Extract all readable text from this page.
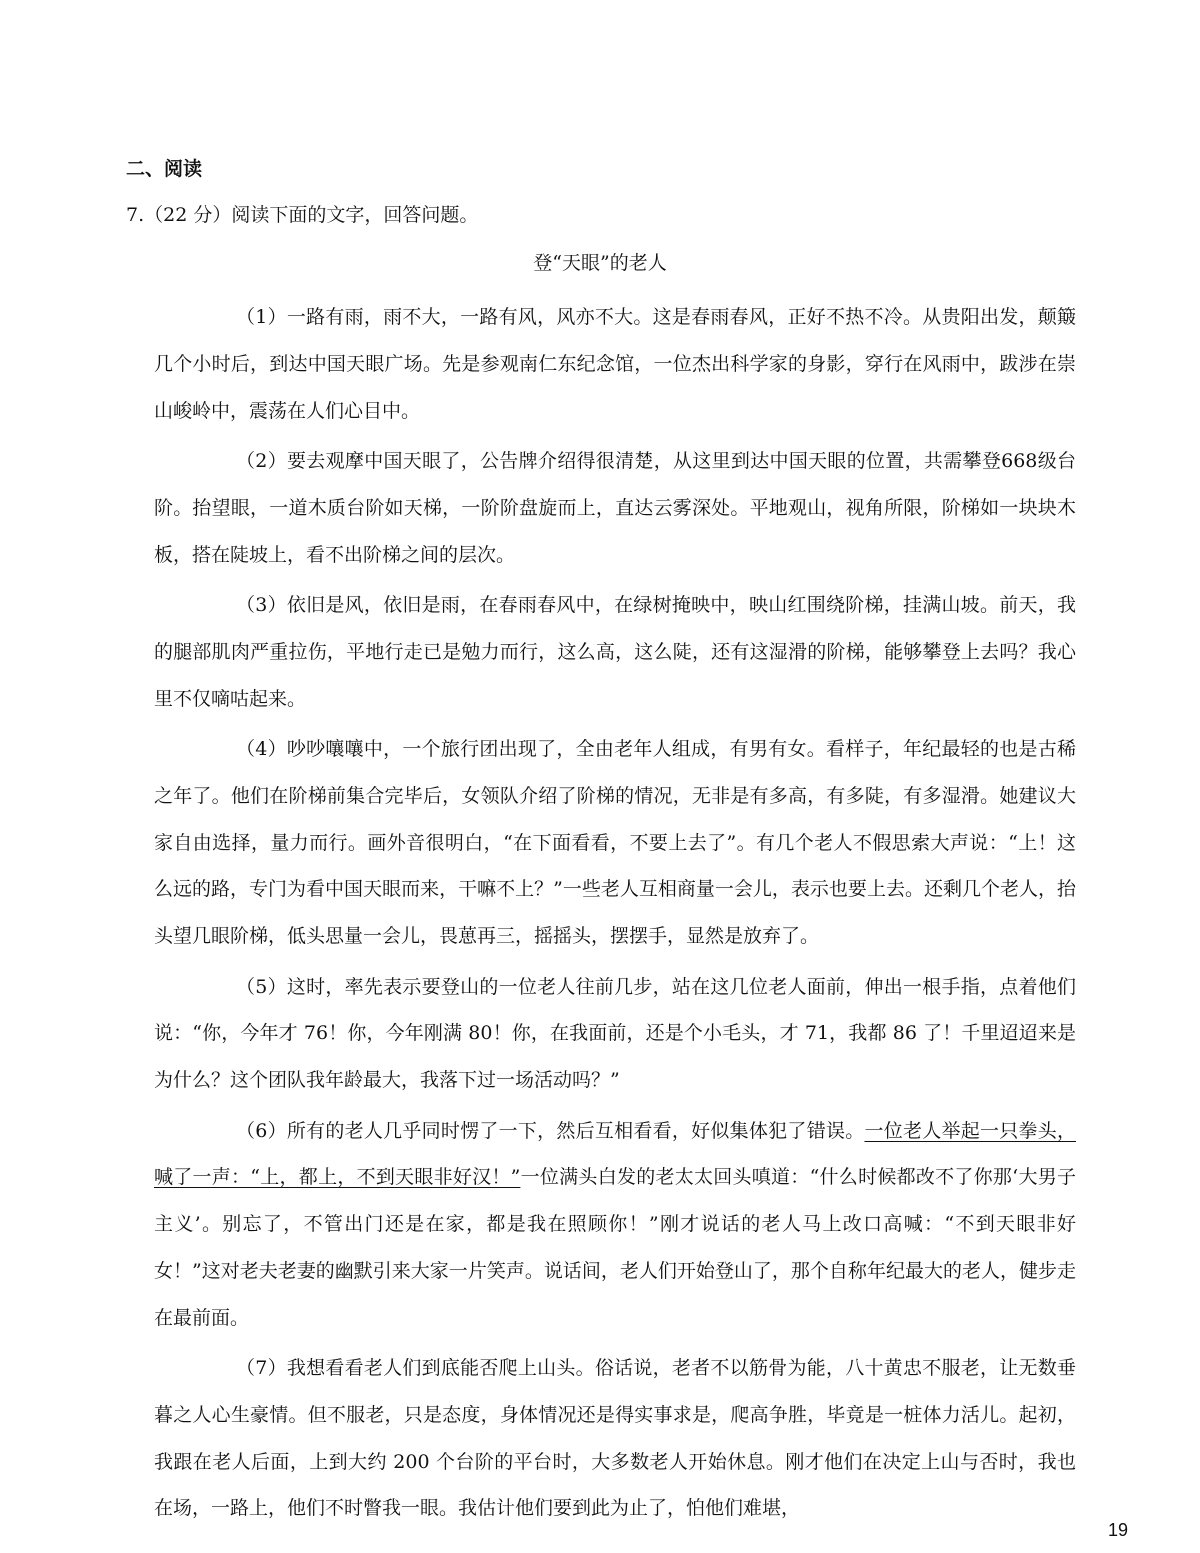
二、阅读
7.（22 分）阅读下面的文字，回答问题。
登“天眼”的老人

（1）一路有雨，雨不大，一路有风，风亦不大。这是春雨春风，正好不热不冷。从贵阳出发，颠簸几个小时后，到达中国天眼广场。先是参观南仁东纪念馆，一位杰出科学家的身影，穿行在风雨中，跋涉在崇山峻岭中，震荡在人们心目中。

（2）要去观摩中国天眼了，公告牌介绍得很清楚，从这里到达中国天眼的位置，共需攀登668级台阶。抬望眼，一道木质台阶如天梯，一阶阶盘旋而上，直达云雾深处。平地观山，视角所限，阶梯如一块块木板，搭在陡坡上，看不出阶梯之间的层次。

（3）依旧是风，依旧是雨，在春雨春风中，在绿树掩映中，映山红围绕阶梯，挂满山坡。前天，我的腿部肌肉严重拉伤，平地行走已是勉力而行，这么高，这么陡，还有这湿滑的阶梯，能够攀登上去吗？我心里不仅嘀咕起来。

（4）吵吵嚷嚷中，一个旅行团出现了，全由老年人组成，有男有女。看样子，年纪最轻的也是古稀之年了。他们在阶梯前集合完毕后，女领队介绍了阶梯的情况，无非是有多高，有多陡，有多湿滑。她建议大家自由选择，量力而行。画外音很明白，“在下面看看，不要上去了”。有几个老人不假思索大声说：“上！这么远的路，专门为看中国天眼而来，干嘛不上？”一些老人互相商量一会儿，表示也要上去。还剩几个老人，抬头望几眼阶梯，低头思量一会儿，畏葸再三，摇摇头，摆摆手，显然是放弃了。

（5）这时，率先表示要登山的一位老人往前几步，站在这几位老人面前，伸出一根手指，点着他们说：“你，今年才 76！你，今年刚满 80！你，在我面前，还是个小毛头，才 71，我都 86 了！千里迢迢来是为什么？这个团队我年龄最大，我落下过一场活动吗？”

（6）所有的老人几乎同时愣了一下，然后互相看看，好似集体犯了错误。一位老人举起一只拳头，喊了一声：“上，都上，不到天眼非好汉！”一位满头白发的老太太回头嗔道：“什么时候都改不了你那‘大男子主义’。别忘了，不管出门还是在家，都是我在照顾你！”刚才说话的老人马上改口高喊：“不到天眼非好女！”这对老夫老妻的幽默引来大家一片笑声。说话间，老人们开始登山了，那个自称年纪最大的老人，健步走在最前面。

（7）我想看看老人们到底能否爬上山头。俗话说，老者不以筋骨为能，八十黄忠不服老，让无数垂暮之人心生豪情。但不服老，只是态度，身体情况还是得实事求是，爬高争胜，毕竟是一桩体力活儿。起初，我跟在老人后面，上到大约 200 个台阶的平台时，大多数老人开始休息。刚才他们在决定上山与否时，我也在场，一路上，他们不时瞥我一眼。我估计他们要到此为止了，怕他们难堪，

19
